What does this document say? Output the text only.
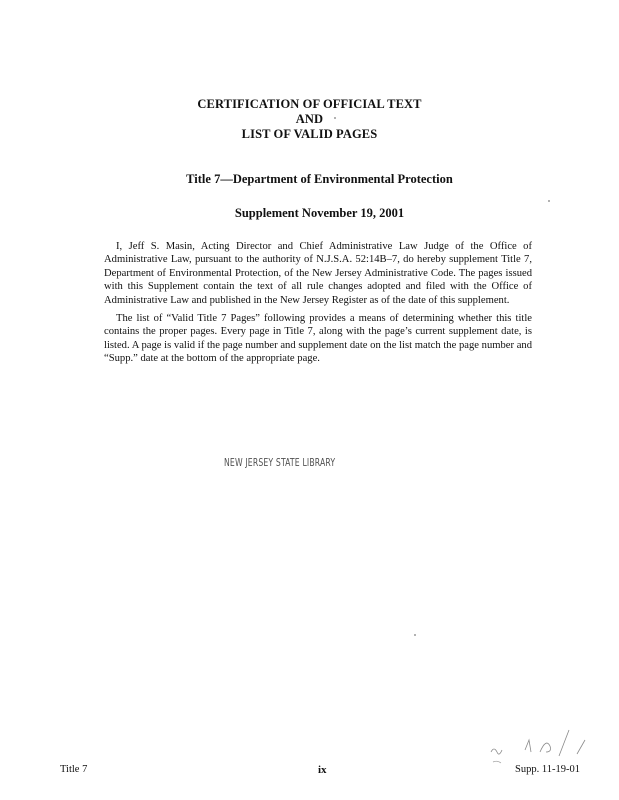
CERTIFICATION OF OFFICIAL TEXT
AND
LIST OF VALID PAGES
Title 7—Department of Environmental Protection
Supplement November 19, 2001

I, Jeff S. Masin, Acting Director and Chief Administrative Law Judge of the Office of Administrative Law, pursuant to the authority of N.J.S.A. 52:14B–7, do hereby supplement Title 7, Department of Environmental Protection, of the New Jersey Administrative Code. The pages issued with this Supplement contain the text of all rule changes adopted and filed with the Office of Administrative Law and published in the New Jersey Register as of the date of this supplement.

The list of “Valid Title 7 Pages” following provides a means of determining whether this title contains the proper pages. Every page in Title 7, along with the page’s current supplement date, is listed. A page is valid if the page number and supplement date on the list match the page number and “Supp.” date at the bottom of the appropriate page.

NEW JERSEY STATE LIBRARY
Title 7	ix	Supp. 11-19-01
